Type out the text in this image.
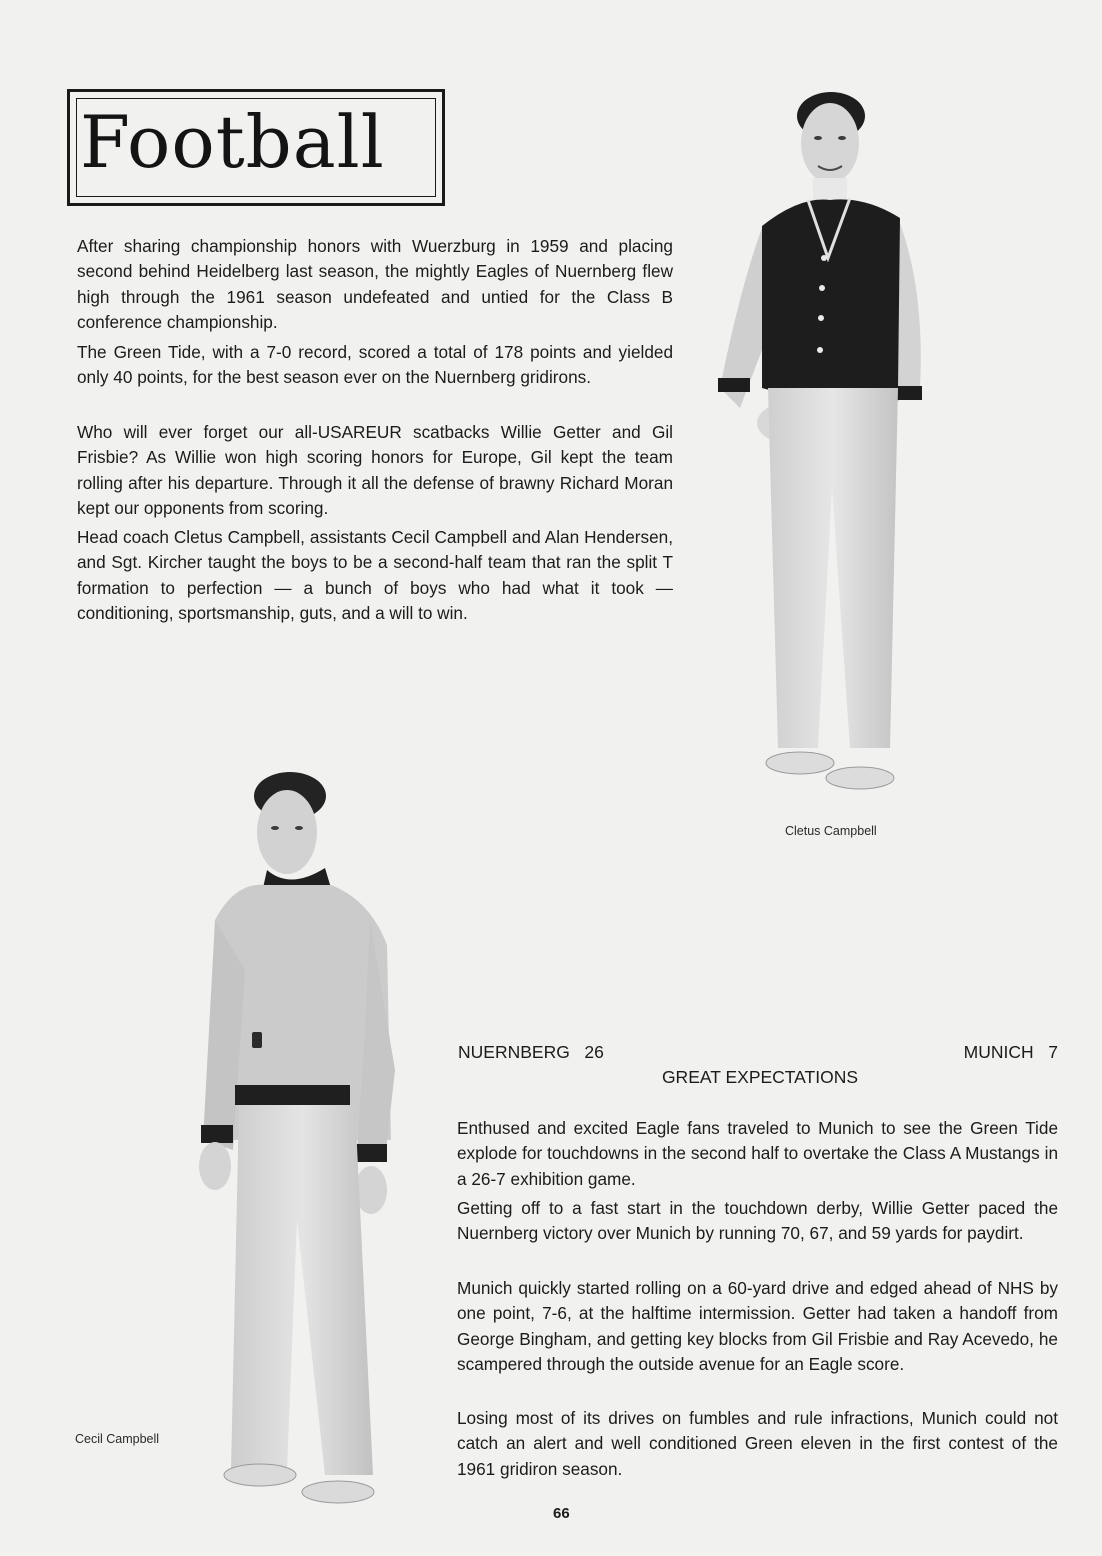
Football

After sharing championship honors with Wuerzburg in 1959 and placing second behind Heidelberg last season, the mightly Eagles of Nuernberg flew high through the 1961 season undefeated and untied for the Class B conference championship.

The Green Tide, with a 7-0 record, scored a total of 178 points and yielded only 40 points, for the best season ever on the Nuernberg gridirons.

Who will ever forget our all-USAREUR scatbacks Willie Getter and Gil Frisbie? As Willie won high scoring honors for Europe, Gil kept the team rolling after his departure. Through it all the defense of brawny Richard Moran kept our opponents from scoring.

Head coach Cletus Campbell, assistants Cecil Campbell and Alan Hendersen, and Sgt. Kircher taught the boys to be a second-half team that ran the split T formation to perfection — a bunch of boys who had what it took — conditioning, sportsmanship, guts, and a will to win.

Cletus Campbell
Cecil Campbell
NUERNBERG 26	MUNICH 7
GREAT EXPECTATIONS

Enthused and excited Eagle fans traveled to Munich to see the Green Tide explode for touchdowns in the second half to overtake the Class A Mustangs in a 26-7 exhibition game.

Getting off to a fast start in the touchdown derby, Willie Getter paced the Nuernberg victory over Munich by running 70, 67, and 59 yards for paydirt.

Munich quickly started rolling on a 60-yard drive and edged ahead of NHS by one point, 7-6, at the halftime intermission. Getter had taken a handoff from George Bingham, and getting key blocks from Gil Frisbie and Ray Acevedo, he scampered through the outside avenue for an Eagle score.

Losing most of its drives on fumbles and rule infractions, Munich could not catch an alert and well conditioned Green eleven in the first contest of the 1961 gridiron season.

66
